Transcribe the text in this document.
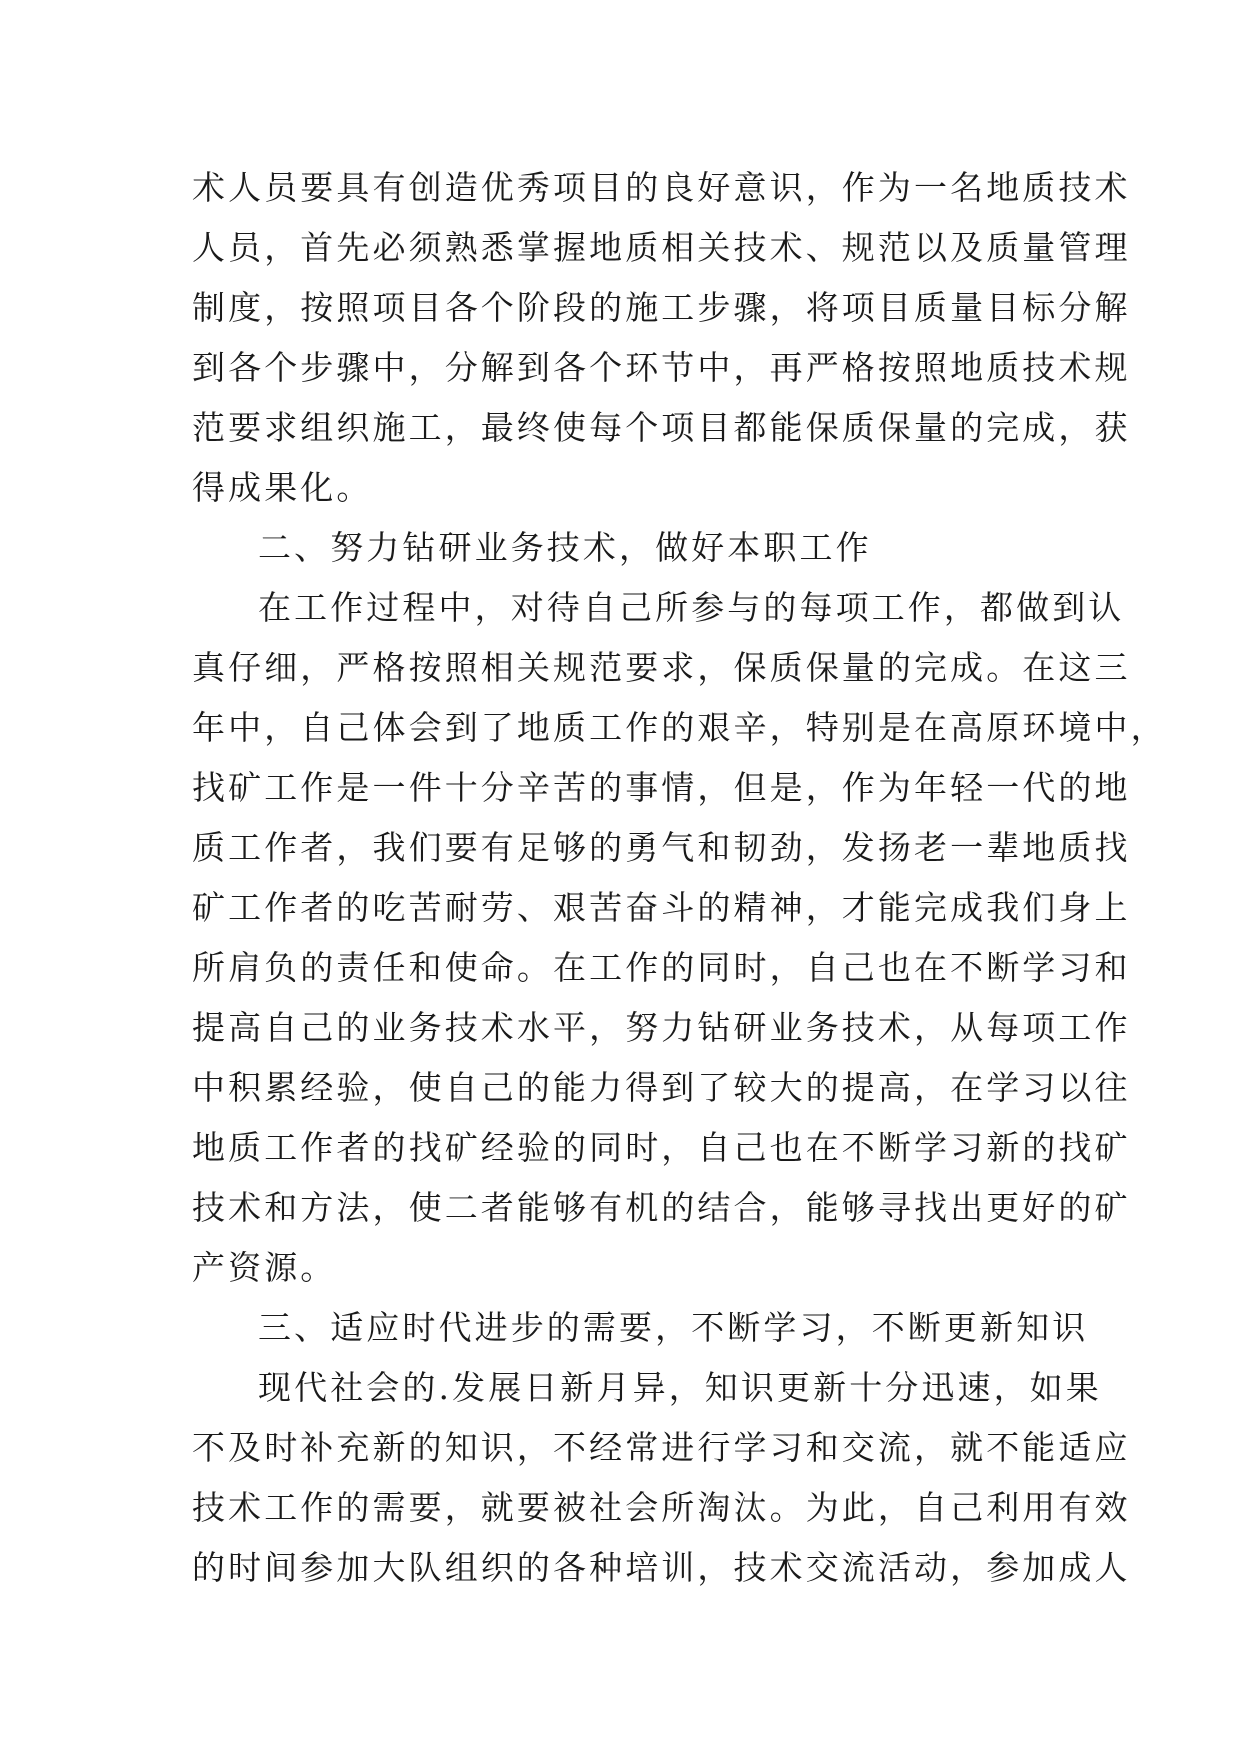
术人员要具有创造优秀项目的良好意识，作为一名地质技术
人员，首先必须熟悉掌握地质相关技术、规范以及质量管理
制度，按照项目各个阶段的施工步骤，将项目质量目标分解
到各个步骤中，分解到各个环节中，再严格按照地质技术规
范要求组织施工，最终使每个项目都能保质保量的完成，获
得成果化。
二、努力钻研业务技术，做好本职工作
在工作过程中，对待自己所参与的每项工作，都做到认
真仔细，严格按照相关规范要求，保质保量的完成。在这三
年中，自己体会到了地质工作的艰辛，特别是在高原环境中，
找矿工作是一件十分辛苦的事情，但是，作为年轻一代的地
质工作者，我们要有足够的勇气和韧劲，发扬老一辈地质找
矿工作者的吃苦耐劳、艰苦奋斗的精神，才能完成我们身上
所肩负的责任和使命。在工作的同时，自己也在不断学习和
提高自己的业务技术水平，努力钻研业务技术，从每项工作
中积累经验，使自己的能力得到了较大的提高，在学习以往
地质工作者的找矿经验的同时，自己也在不断学习新的找矿
技术和方法，使二者能够有机的结合，能够寻找出更好的矿
产资源。
三、适应时代进步的需要，不断学习，不断更新知识
现代社会的.发展日新月异，知识更新十分迅速，如果
不及时补充新的知识，不经常进行学习和交流，就不能适应
技术工作的需要，就要被社会所淘汰。为此，自己利用有效
的时间参加大队组织的各种培训，技术交流活动，参加成人
